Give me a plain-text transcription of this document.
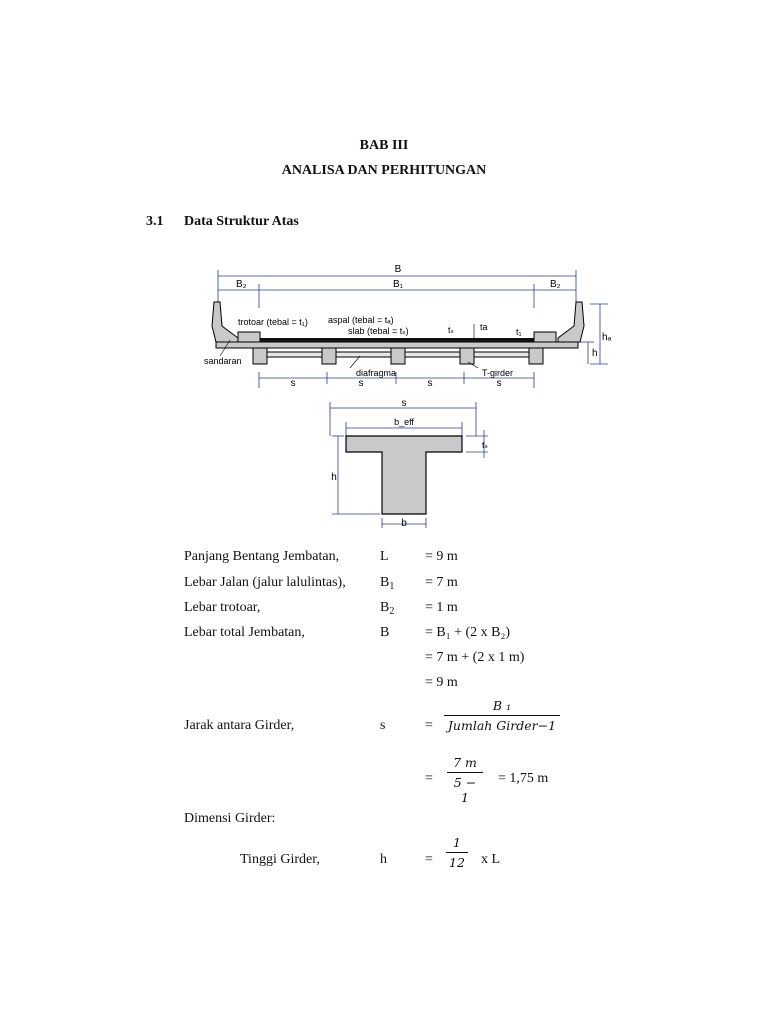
BAB III
ANALISA DAN PERHITUNGAN
3.1 Data Struktur Atas
B
B₂	B₁	B₂
trotoar (tebal = t₁) aspal (tebal = tₐ)
slab (tebal = tₛ)	tₛ	ta	t₁	hₐ
h
sandaran
diafragma	T-girder
s	s	s	s
s
b_eff
tₛ
h
b
Panjang Bentang Jembatan,	L	= 9 m
Lebar Jalan (jalur lalulintas), $B_1 = 7$ m
Lebar trotoar,	$B_2 = 1$ m
Lebar total Jembatan,	B	= B₁ + (2 x B₂)
= 7 m + (2 x 1 m)
= 9 m
Jarak antara Girder,	s	=
B ₁
Jumlah Girder−1
=
7 m
5 − 1
= 1,75 m
Dimensi Girder:
Tinggi Girder,	h	=
1
12 x L
